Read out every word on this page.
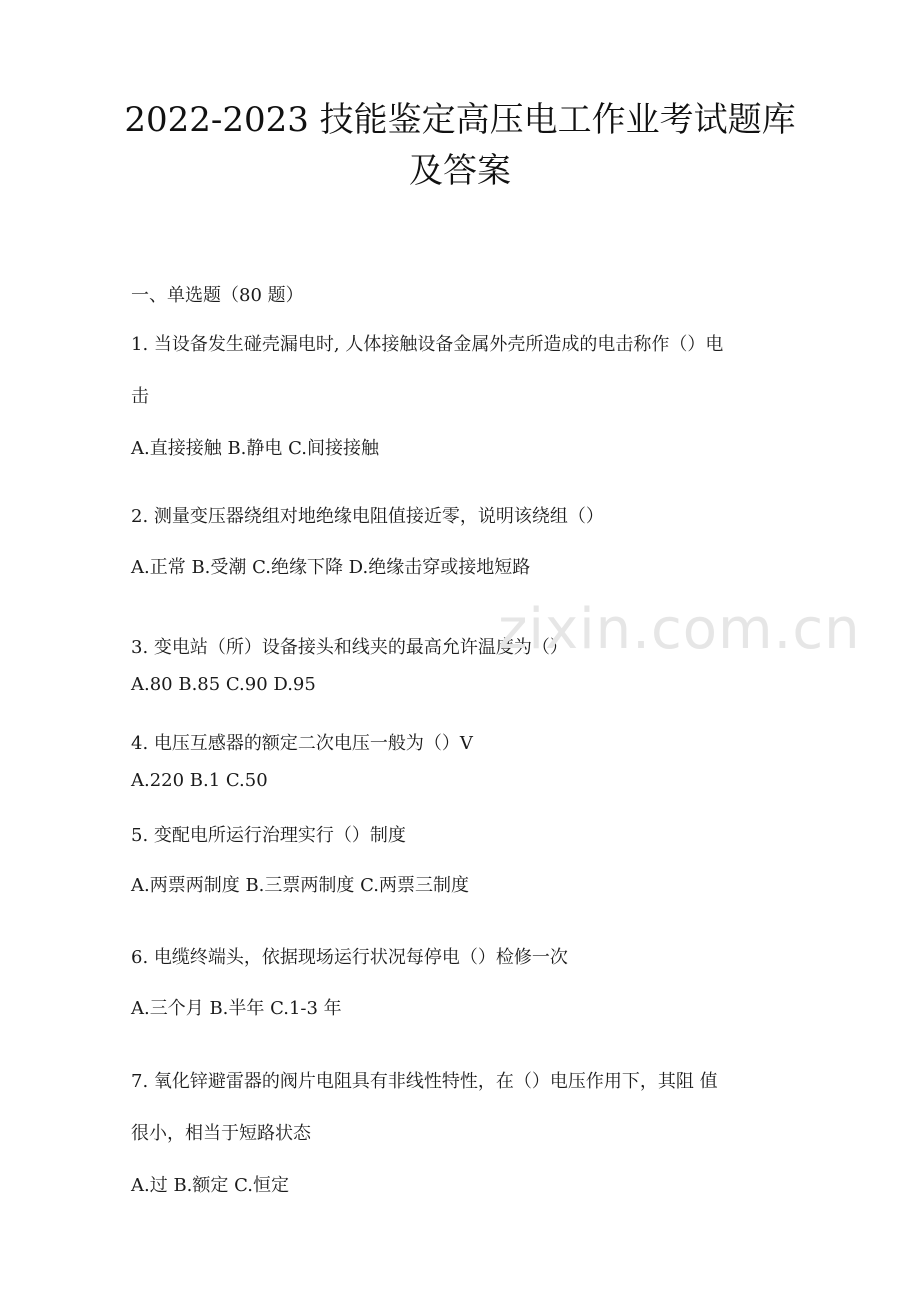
2022-2023 技能鉴定高压电工作业考试题库
及答案
一、单选题（80 题）
1. 当设备发生碰壳漏电时, 人体接触设备金属外壳所造成的电击称作（）电
击
A.直接接触 B.静电 C.间接接触
2. 测量变压器绕组对地绝缘电阻值接近零，说明该绕组（）
A.正常 B.受潮 C.绝缘下降 D.绝缘击穿或接地短路
3. 变电站（所）设备接头和线夹的最高允许温度为（）
A.80 B.85 C.90 D.95
4. 电压互感器的额定二次电压一般为（）V
A.220 B.1 C.50
5. 变配电所运行治理实行（）制度
A.两票两制度 B.三票两制度 C.两票三制度
6. 电缆终端头，依据现场运行状况每停电（）检修一次
A.三个月 B.半年 C.1-3 年
7. 氧化锌避雷器的阀片电阻具有非线性特性，在（）电压作用下，其阻 值
很小，相当于短路状态
A.过 B.额定 C.恒定
zixin.com.cn
